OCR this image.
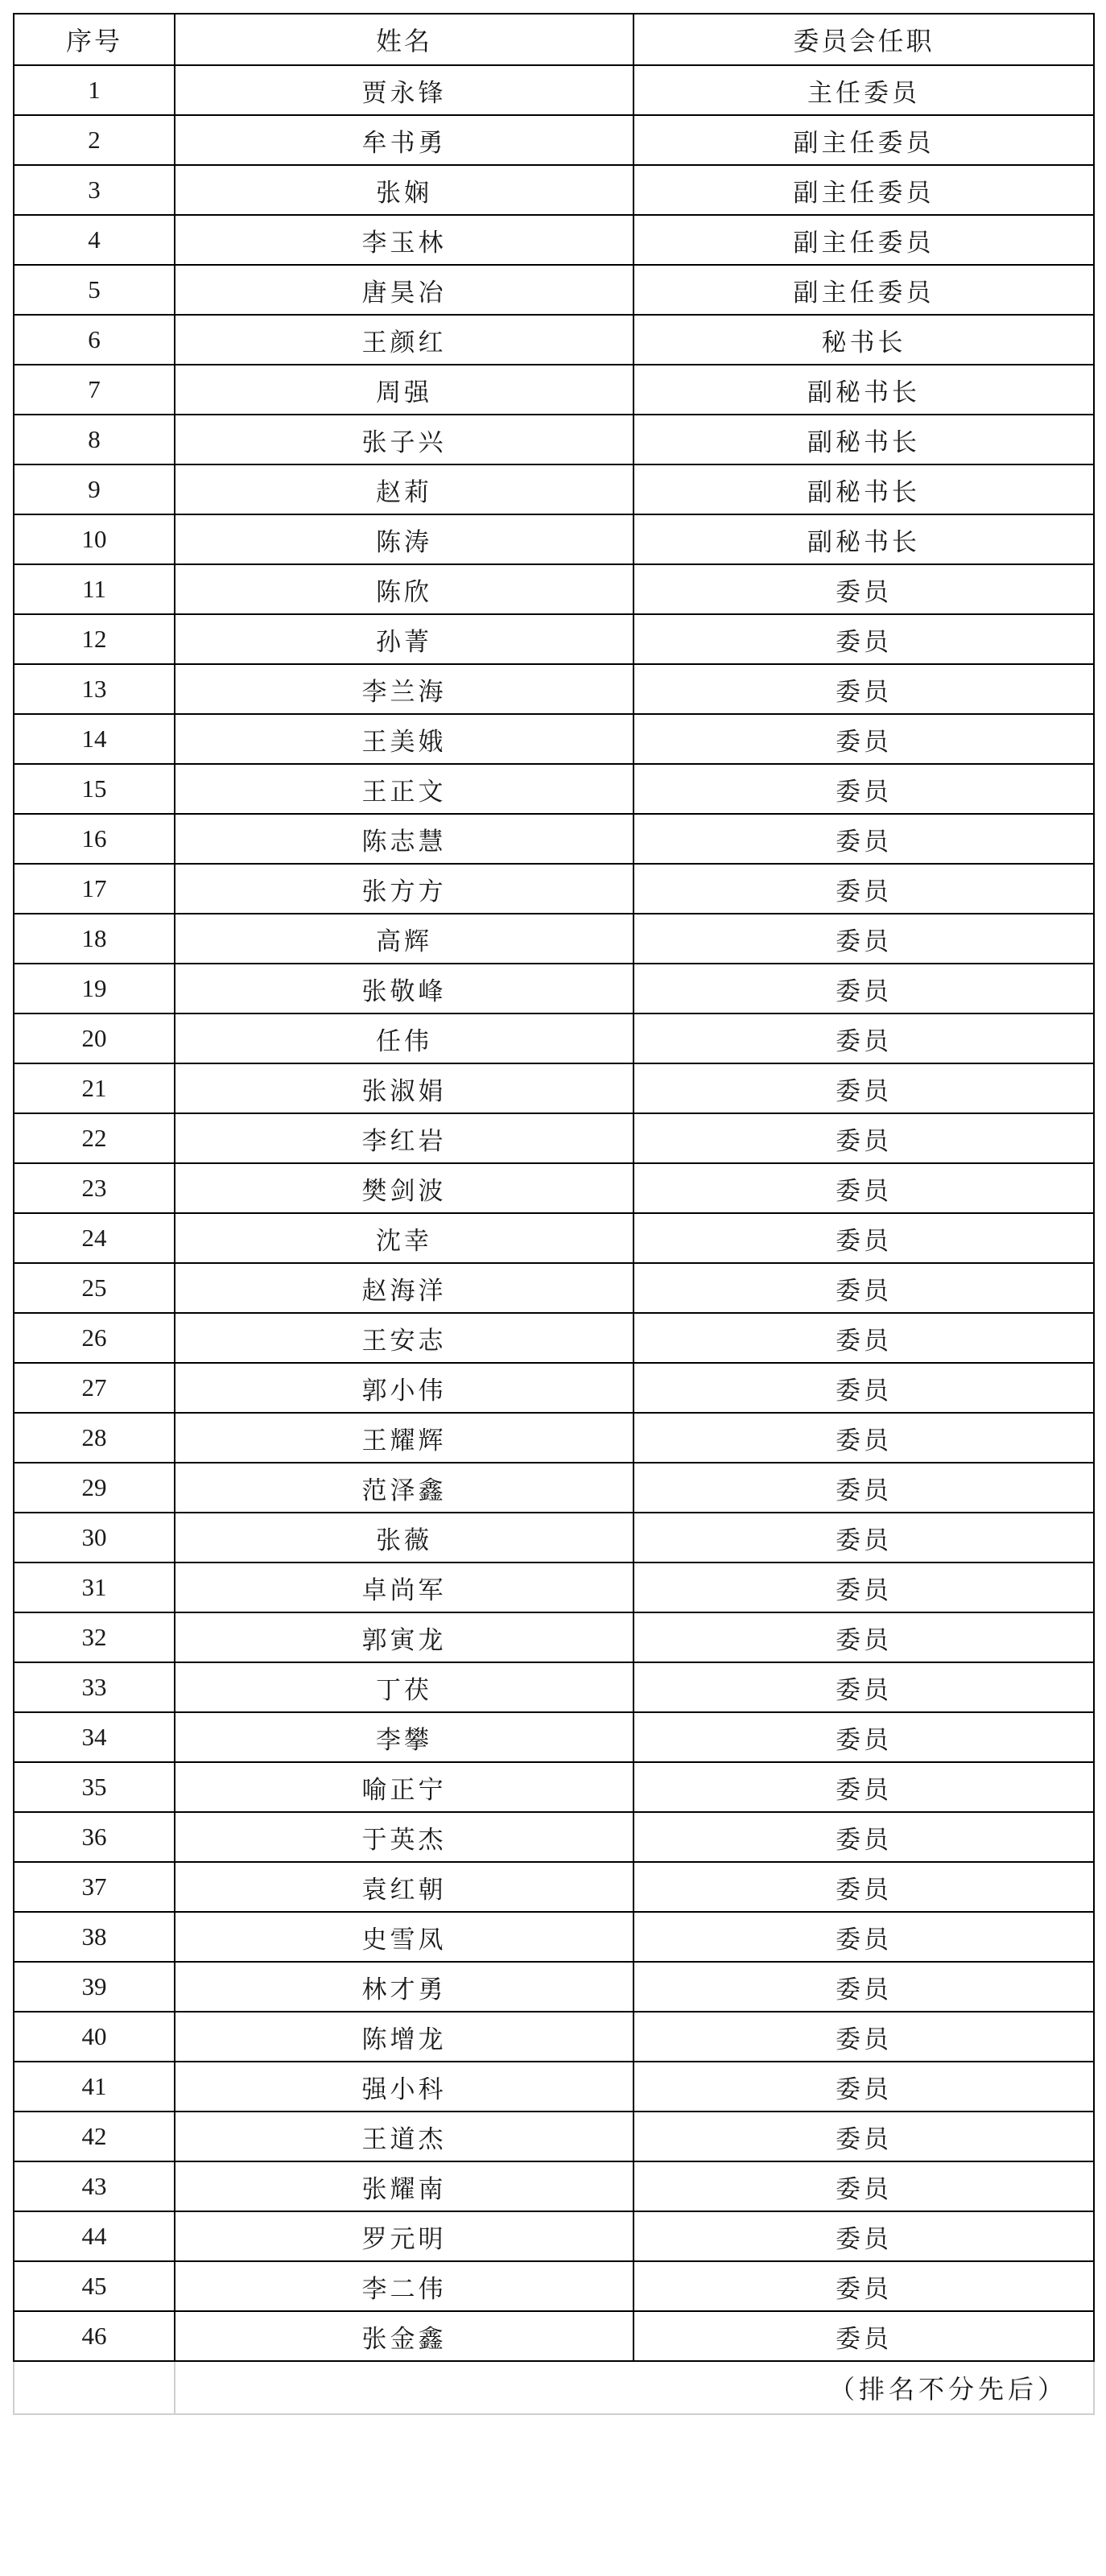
序号	姓名	委员会任职
1	贾永锋	主任委员
2	牟书勇	副主任委员
3	张娴	副主任委员
4	李玉林	副主任委员
5	唐昊冶	副主任委员
6	王颜红	秘书长
7	周强	副秘书长
8	张子兴	副秘书长
9	赵莉	副秘书长
10	陈涛	副秘书长
11	陈欣	委员
12	孙菁	委员
13	李兰海	委员
14	王美娥	委员
15	王正文	委员
16	陈志慧	委员
17	张方方	委员
18	高辉	委员
19	张敬峰	委员
20	任伟	委员
21	张淑娟	委员
22	李红岩	委员
23	樊剑波	委员
24	沈幸	委员
25	赵海洋	委员
26	王安志	委员
27	郭小伟	委员
28	王耀辉	委员
29	范泽鑫	委员
30	张薇	委员
31	卓尚军	委员
32	郭寅龙	委员
33	丁茯	委员
34	李攀	委员
35	喻正宁	委员
36	于英杰	委员
37	袁红朝	委员
38	史雪凤	委员
39	林才勇	委员
40	陈增龙	委员
41	强小科	委员
42	王道杰	委员
43	张耀南	委员
44	罗元明	委员
45	李二伟	委员
46	张金鑫	委员
	（排名不分先后）	
